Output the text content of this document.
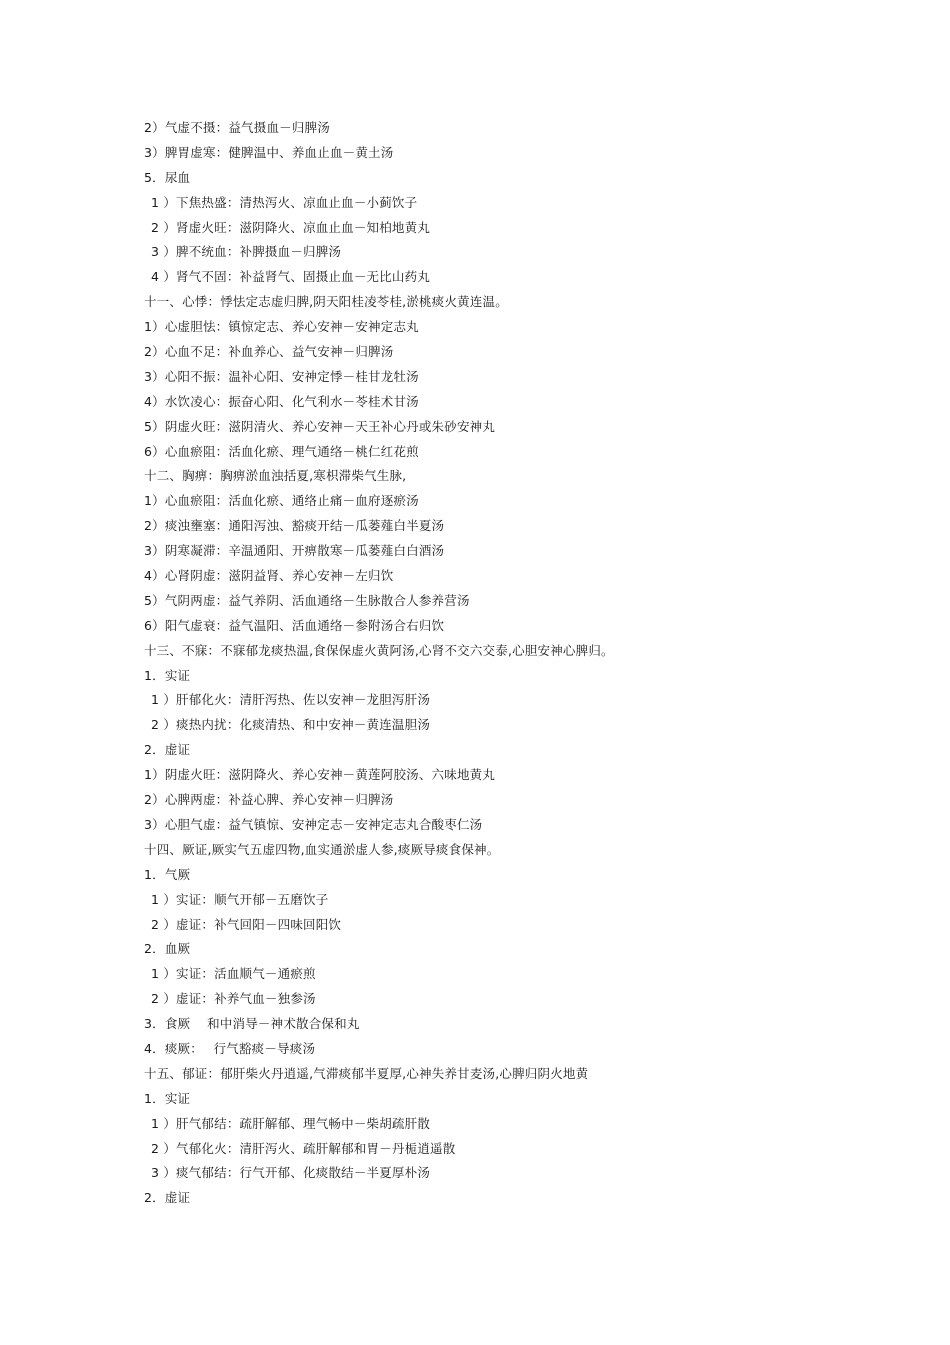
2）气虚不摄：益气摄血－归脾汤
3）脾胃虚寒：健脾温中、养血止血－黄土汤
5．尿血
1 ）下焦热盛：清热泻火、凉血止血－小蓟饮子
2 ）肾虚火旺：滋阴降火、凉血止血－知柏地黄丸
3 ）脾不统血：补脾摄血－归脾汤
4 ）肾气不固：补益肾气、固摄止血－无比山药丸
十一、心悸：悸怯定志虚归脾,阴天阳桂凌苓桂,淤桃痰火黄连温。
1）心虚胆怯：镇惊定志、养心安神－安神定志丸
2）心血不足：补血养心、益气安神－归脾汤
3）心阳不振：温补心阳、安神定悸－桂甘龙牡汤
4）水饮凌心：振奋心阳、化气利水－苓桂术甘汤
5）阴虚火旺：滋阴清火、养心安神－天王补心丹或朱砂安神丸
6）心血瘀阻：活血化瘀、理气通络－桃仁红花煎
十二、胸痹：胸痹淤血浊括夏,寒枳滞柴气生脉,
1）心血瘀阻：活血化瘀、通络止痛－血府逐瘀汤
2）痰浊壅塞：通阳泻浊、豁痰开结－瓜蒌薤白半夏汤
3）阴寒凝滞：辛温通阳、开痹散寒－瓜蒌薤白白酒汤
4）心肾阴虚：滋阴益肾、养心安神－左归饮
5）气阴两虚：益气养阴、活血通络－生脉散合人参养营汤
6）阳气虚衰：益气温阳、活血通络－参附汤合右归饮
十三、不寐：不寐郁龙痰热温,食保保虚火黄阿汤,心肾不交六交泰,心胆安神心脾归。
1．实证
1 ）肝郁化火：清肝泻热、佐以安神－龙胆泻肝汤
2 ）痰热内扰：化痰清热、和中安神－黄连温胆汤
2．虚证
1）阴虚火旺：滋阴降火、养心安神－黄莲阿胶汤、六味地黄丸
2）心脾两虚：补益心脾、养心安神－归脾汤
3）心胆气虚：益气镇惊、安神定志－安神定志丸合酸枣仁汤
十四、厥证,厥实气五虚四物,血实通淤虚人参,痰厥导痰食保神。
1．气厥
1 ）实证：顺气开郁－五磨饮子
2 ）虚证：补气回阳－四味回阳饮
2．血厥
1 ）实证：活血顺气－通瘀煎
2 ）虚证：补养气血－独参汤
3．食厥　 和中消导－神术散合保和丸
4．痰厥：　 行气豁痰－导痰汤
十五、郁证：郁肝柴火丹逍遥,气滞痰郁半夏厚,心神失养甘麦汤,心脾归阴火地黄
1．实证
1 ）肝气郁结：疏肝解郁、理气畅中－柴胡疏肝散
2 ）气郁化火：清肝泻火、疏肝解郁和胃－丹栀逍遥散
3 ）痰气郁结：行气开郁、化痰散结－半夏厚朴汤
2．虚证
